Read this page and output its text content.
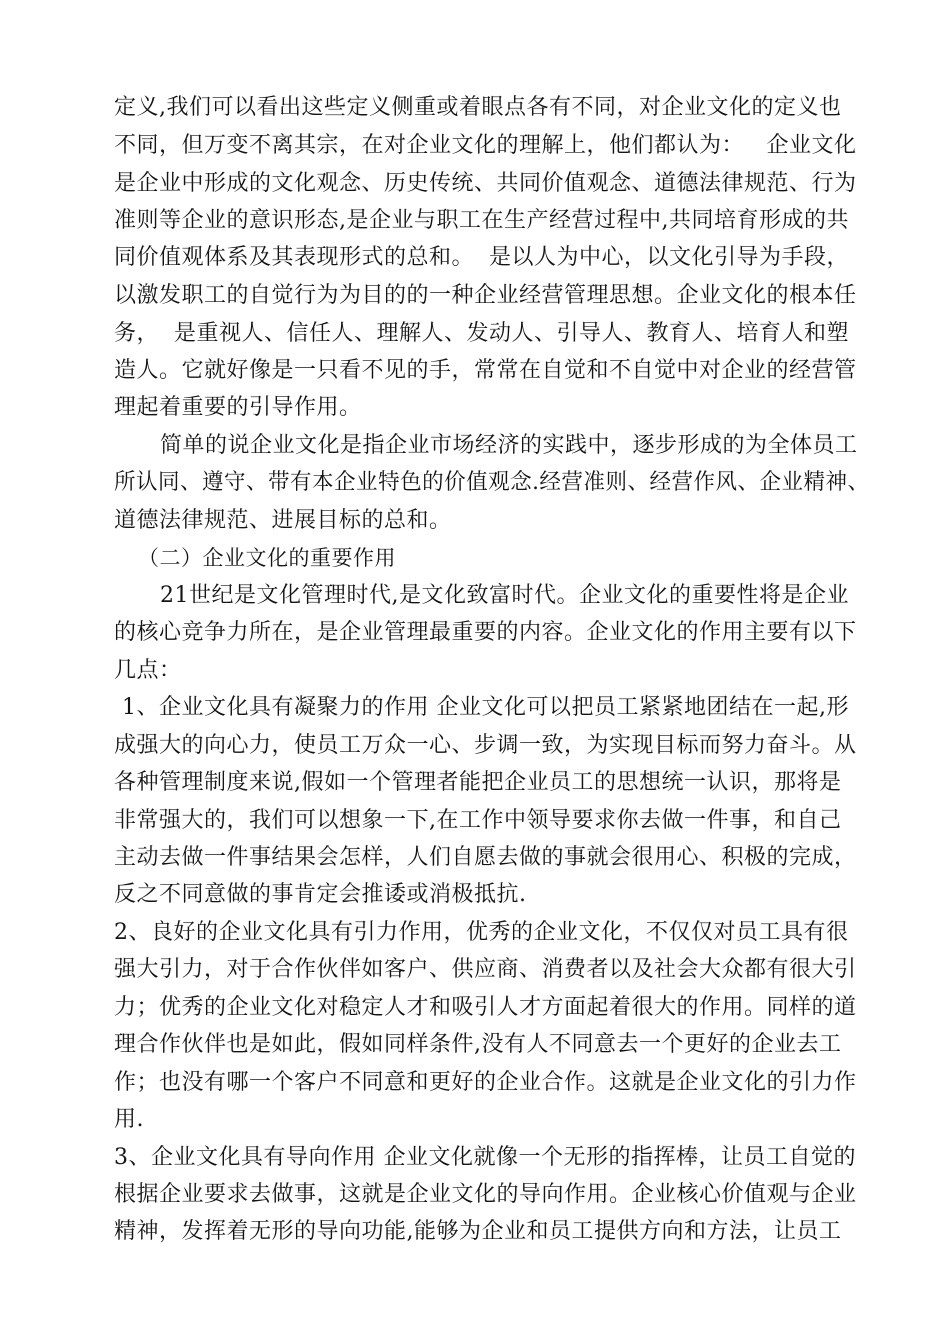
定义,我们可以看出这些定义侧重或着眼点各有不同，对企业文化的定义也
不同，但万变不离其宗，在对企业文化的理解上，他们都认为：   企业文化
是企业中形成的文化观念、历史传统、共同价值观念、道德法律规范、行为
准则等企业的意识形态,是企业与职工在生产经营过程中,共同培育形成的共
同价值观体系及其表现形式的总和。  是以人为中心，以文化引导为手段，
以激发职工的自觉行为为目的的一种企业经营管理思想。企业文化的根本任
务，  是重视人、信任人、理解人、发动人、引导人、教育人、培育人和塑
造人。它就好像是一只看不见的手，常常在自觉和不自觉中对企业的经营管
理起着重要的引导作用。
简单的说企业文化是指企业市场经济的实践中，逐步形成的为全体员工
所认同、遵守、带有本企业特色的价值观念.经营准则、经营作风、企业精神、
道德法律规范、进展目标的总和。
（二）企业文化的重要作用
21世纪是文化管理时代,是文化致富时代。企业文化的重要性将是企业
的核心竞争力所在，是企业管理最重要的内容。企业文化的作用主要有以下
几点：
1、企业文化具有凝聚力的作用 企业文化可以把员工紧紧地团结在一起,形
成强大的向心力，使员工万众一心、步调一致，为实现目标而努力奋斗。从
各种管理制度来说,假如一个管理者能把企业员工的思想统一认识，那将是
非常强大的，我们可以想象一下,在工作中领导要求你去做一件事，和自己
主动去做一件事结果会怎样，人们自愿去做的事就会很用心、积极的完成，
反之不同意做的事肯定会推诿或消极抵抗.
2、良好的企业文化具有引力作用，优秀的企业文化，不仅仅对员工具有很
强大引力，对于合作伙伴如客户、供应商、消费者以及社会大众都有很大引
力；优秀的企业文化对稳定人才和吸引人才方面起着很大的作用。同样的道
理合作伙伴也是如此，假如同样条件,没有人不同意去一个更好的企业去工
作；也没有哪一个客户不同意和更好的企业合作。这就是企业文化的引力作
用.
3、企业文化具有导向作用 企业文化就像一个无形的指挥棒，让员工自觉的
根据企业要求去做事，这就是企业文化的导向作用。企业核心价值观与企业
精神，发挥着无形的导向功能,能够为企业和员工提供方向和方法，让员工
